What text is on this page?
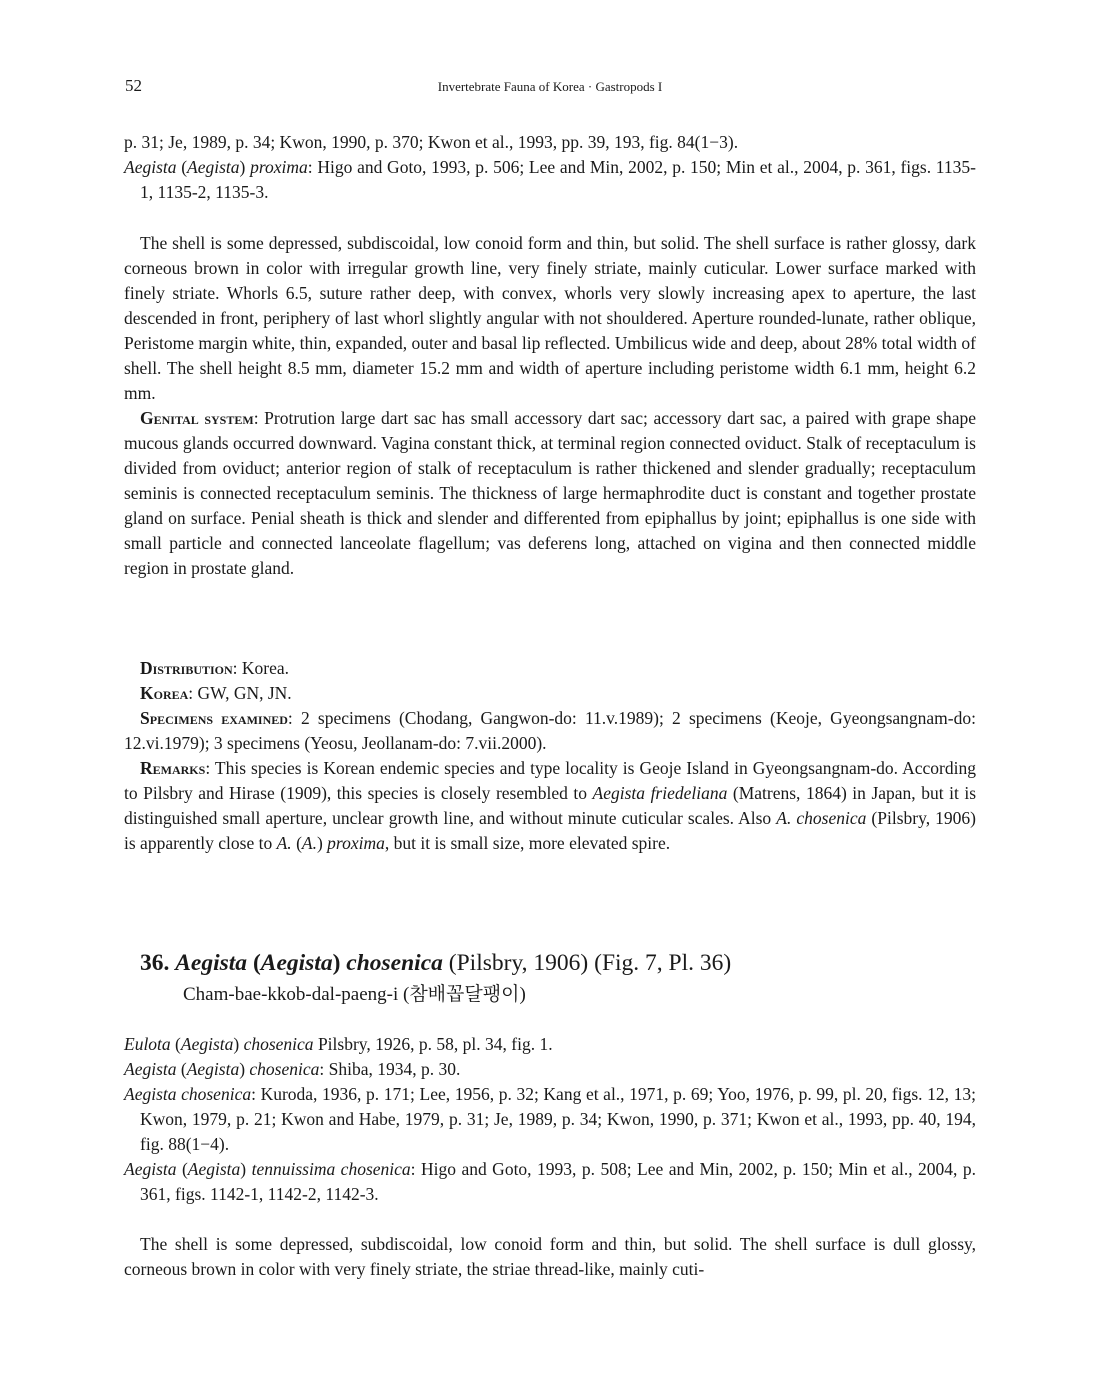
52	Invertebrate Fauna of Korea · Gastropods I

p. 31; Je, 1989, p. 34; Kwon, 1990, p. 370; Kwon et al., 1993, pp. 39, 193, fig. 84(1−3).

Aegista (Aegista) proxima: Higo and Goto, 1993, p. 506; Lee and Min, 2002, p. 150; Min et al., 2004, p. 361, figs. 1135-1, 1135-2, 1135-3.

The shell is some depressed, subdiscoidal, low conoid form and thin, but solid. The shell surface is rather glossy, dark corneous brown in color with irregular growth line, very finely striate, mainly cuticular. Lower surface marked with finely striate. Whorls 6.5, suture rather deep, with convex, whorls very slowly increasing apex to aperture, the last descended in front, periphery of last whorl slightly angular with not shouldered. Aperture rounded-lunate, rather oblique, Peristome margin white, thin, expanded, outer and basal lip reflected. Umbilicus wide and deep, about 28% total width of shell. The shell height 8.5 mm, diameter 15.2 mm and width of aperture including peristome width 6.1 mm, height 6.2 mm.

Genital system: Protrution large dart sac has small accessory dart sac; accessory dart sac, a paired with grape shape mucous glands occurred downward. Vagina constant thick, at terminal region connected oviduct. Stalk of receptaculum is divided from oviduct; anterior region of stalk of receptaculum is rather thickened and slender gradually; receptaculum seminis is connected receptaculum seminis. The thickness of large hermaphrodite duct is constant and together prostate gland on surface. Penial sheath is thick and slender and differented from epiphallus by joint; epiphallus is one side with small particle and connected lanceolate flagellum; vas deferens long, attached on vigina and then connected middle region in prostate gland.

Distribution: Korea.

Korea: GW, GN, JN.

Specimens examined: 2 specimens (Chodang, Gangwon-do: 11.v.1989); 2 specimens (Keoje, Gyeongsangnam-do: 12.vi.1979); 3 specimens (Yeosu, Jeollanam-do: 7.vii.2000).

Remarks: This species is Korean endemic species and type locality is Geoje Island in Gyeongsangnam-do. According to Pilsbry and Hirase (1909), this species is closely resembled to Aegista friedeliana (Matrens, 1864) in Japan, but it is distinguished small aperture, unclear growth line, and without minute cuticular scales. Also A. chosenica (Pilsbry, 1906) is apparently close to A. (A.) proxima, but it is small size, more elevated spire.

36. Aegista (Aegista) chosenica (Pilsbry, 1906) (Fig. 7, Pl. 36)
Cham-bae-kkob-dal-paeng-i (참배꼽달팽이)

Eulota (Aegista) chosenica Pilsbry, 1926, p. 58, pl. 34, fig. 1.

Aegista (Aegista) chosenica: Shiba, 1934, p. 30.

Aegista chosenica: Kuroda, 1936, p. 171; Lee, 1956, p. 32; Kang et al., 1971, p. 69; Yoo, 1976, p. 99, pl. 20, figs. 12, 13; Kwon, 1979, p. 21; Kwon and Habe, 1979, p. 31; Je, 1989, p. 34; Kwon, 1990, p. 371; Kwon et al., 1993, pp. 40, 194, fig. 88(1−4).

Aegista (Aegista) tennuissima chosenica: Higo and Goto, 1993, p. 508; Lee and Min, 2002, p. 150; Min et al., 2004, p. 361, figs. 1142-1, 1142-2, 1142-3.

The shell is some depressed, subdiscoidal, low conoid form and thin, but solid. The shell surface is dull glossy, corneous brown in color with very finely striate, the striae thread-like, mainly cuti-
